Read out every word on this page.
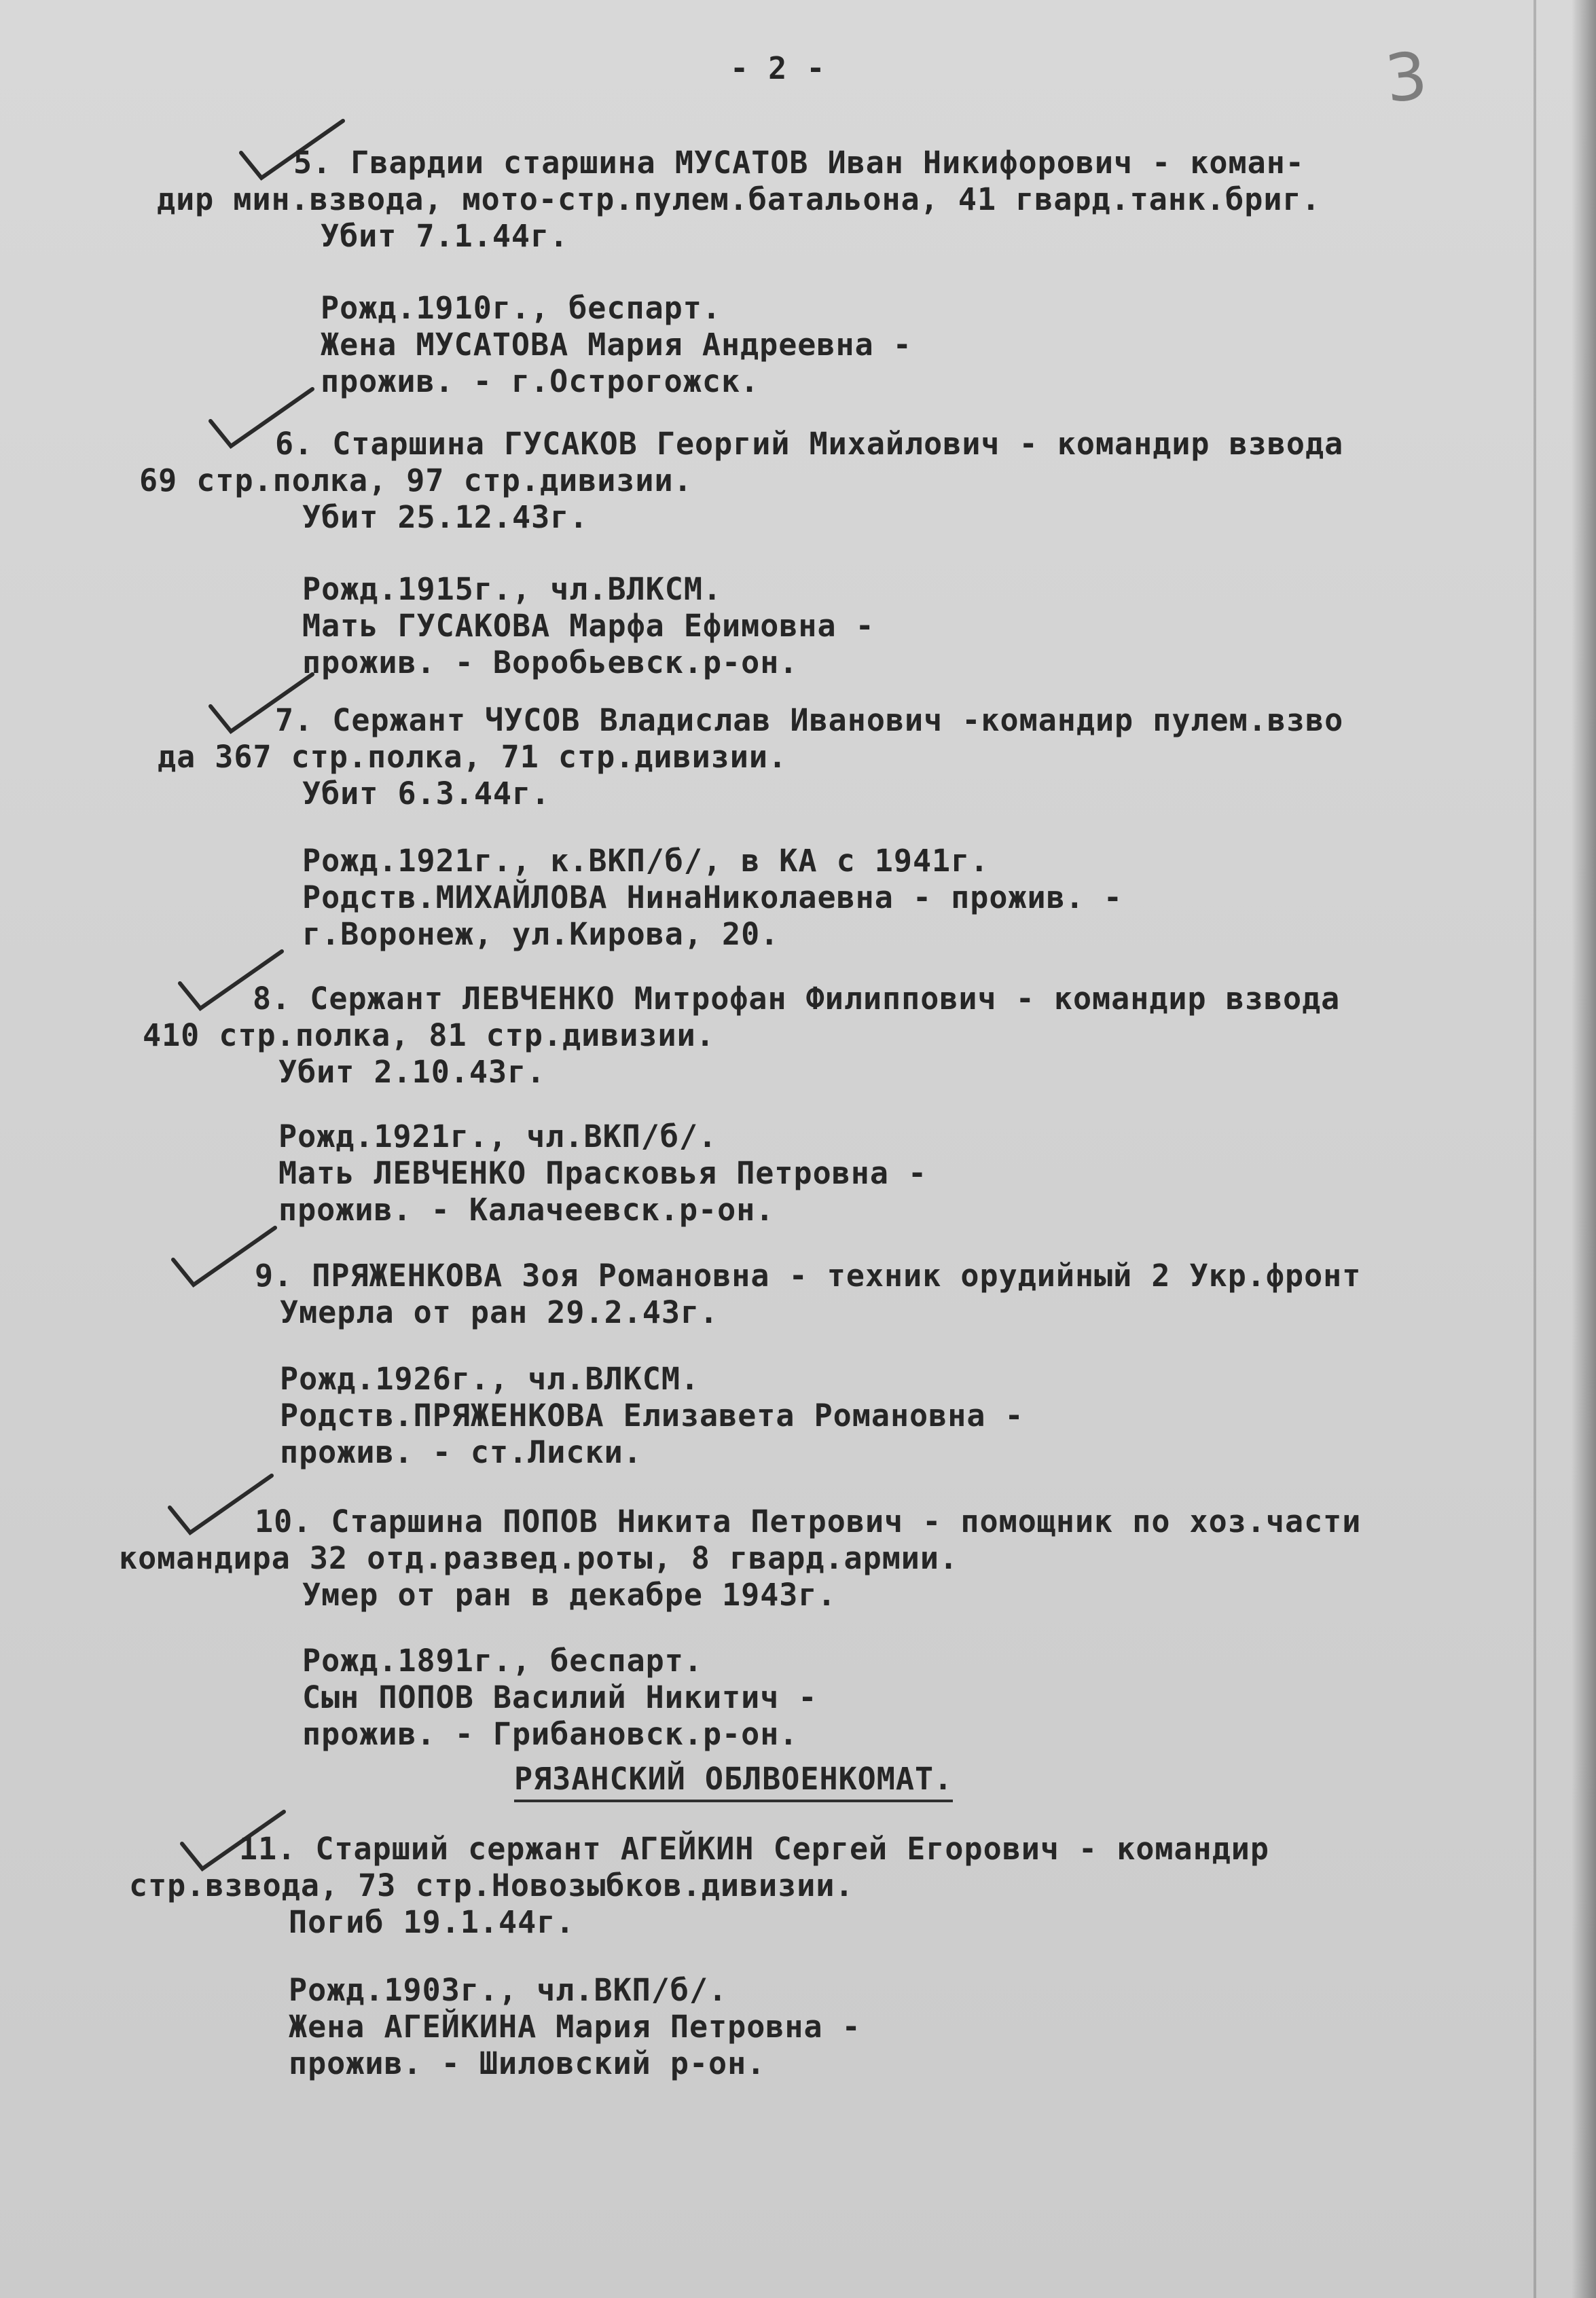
- 2 -	3
5. Гвардии старшина МУСАТОВ Иван Никифорович - коман-
дир мин.взвода, мото-стр.пулем.батальона, 41 гвард.танк.бриг.
Убит 7.1.44г.
Рожд.1910г., беспарт.
Жена МУСАТОВА Мария Андреевна -
прожив. - г.Острогожск.
6. Старшина ГУСАКОВ Георгий Михайлович - командир взвода
69 стр.полка, 97 стр.дивизии.
Убит 25.12.43г.
Рожд.1915г., чл.ВЛКСМ.
Мать ГУСАКОВА Марфа Ефимовна -
прожив. - Воробьевск.р-он.
7. Сержант ЧУСОВ Владислав Иванович -командир пулем.взво
да 367 стр.полка, 71 стр.дивизии.
Убит 6.3.44г.
Рожд.1921г., к.ВКП/б/, в КА с 1941г.
Родств.МИХАЙЛОВА НинаНиколаевна - прожив. -
г.Воронеж, ул.Кирова, 20.
8. Сержант ЛЕВЧЕНКО Митрофан Филиппович - командир взвода
410 стр.полка, 81 стр.дивизии.
Убит 2.10.43г.
Рожд.1921г., чл.ВКП/б/.
Мать ЛЕВЧЕНКО Прасковья Петровна -
прожив. - Калачеевск.р-он.
9. ПРЯЖЕНКОВА Зоя Романовна - техник орудийный 2 Укр.фронт
Умерла от ран 29.2.43г.
Рожд.1926г., чл.ВЛКСМ.
Родств.ПРЯЖЕНКОВА Елизавета Романовна -
прожив. - ст.Лиски.
10. Старшина ПОПОВ Никита Петрович - помощник по хоз.части
командира 32 отд.развед.роты, 8 гвард.армии.
Умер от ран в декабре 1943г.
Рожд.1891г., беспарт.
Сын ПОПОВ Василий Никитич -
прожив. - Грибановск.р-он.
РЯЗАНСКИЙ ОБЛВОЕНКОМАТ.
11. Старший сержант АГЕЙКИН Сергей Егорович - командир
стр.взвода, 73 стр.Новозыбков.дивизии.
Погиб 19.1.44г.
Рожд.1903г., чл.ВКП/б/.
Жена АГЕЙКИНА Мария Петровна -
прожив. - Шиловский р-он.
